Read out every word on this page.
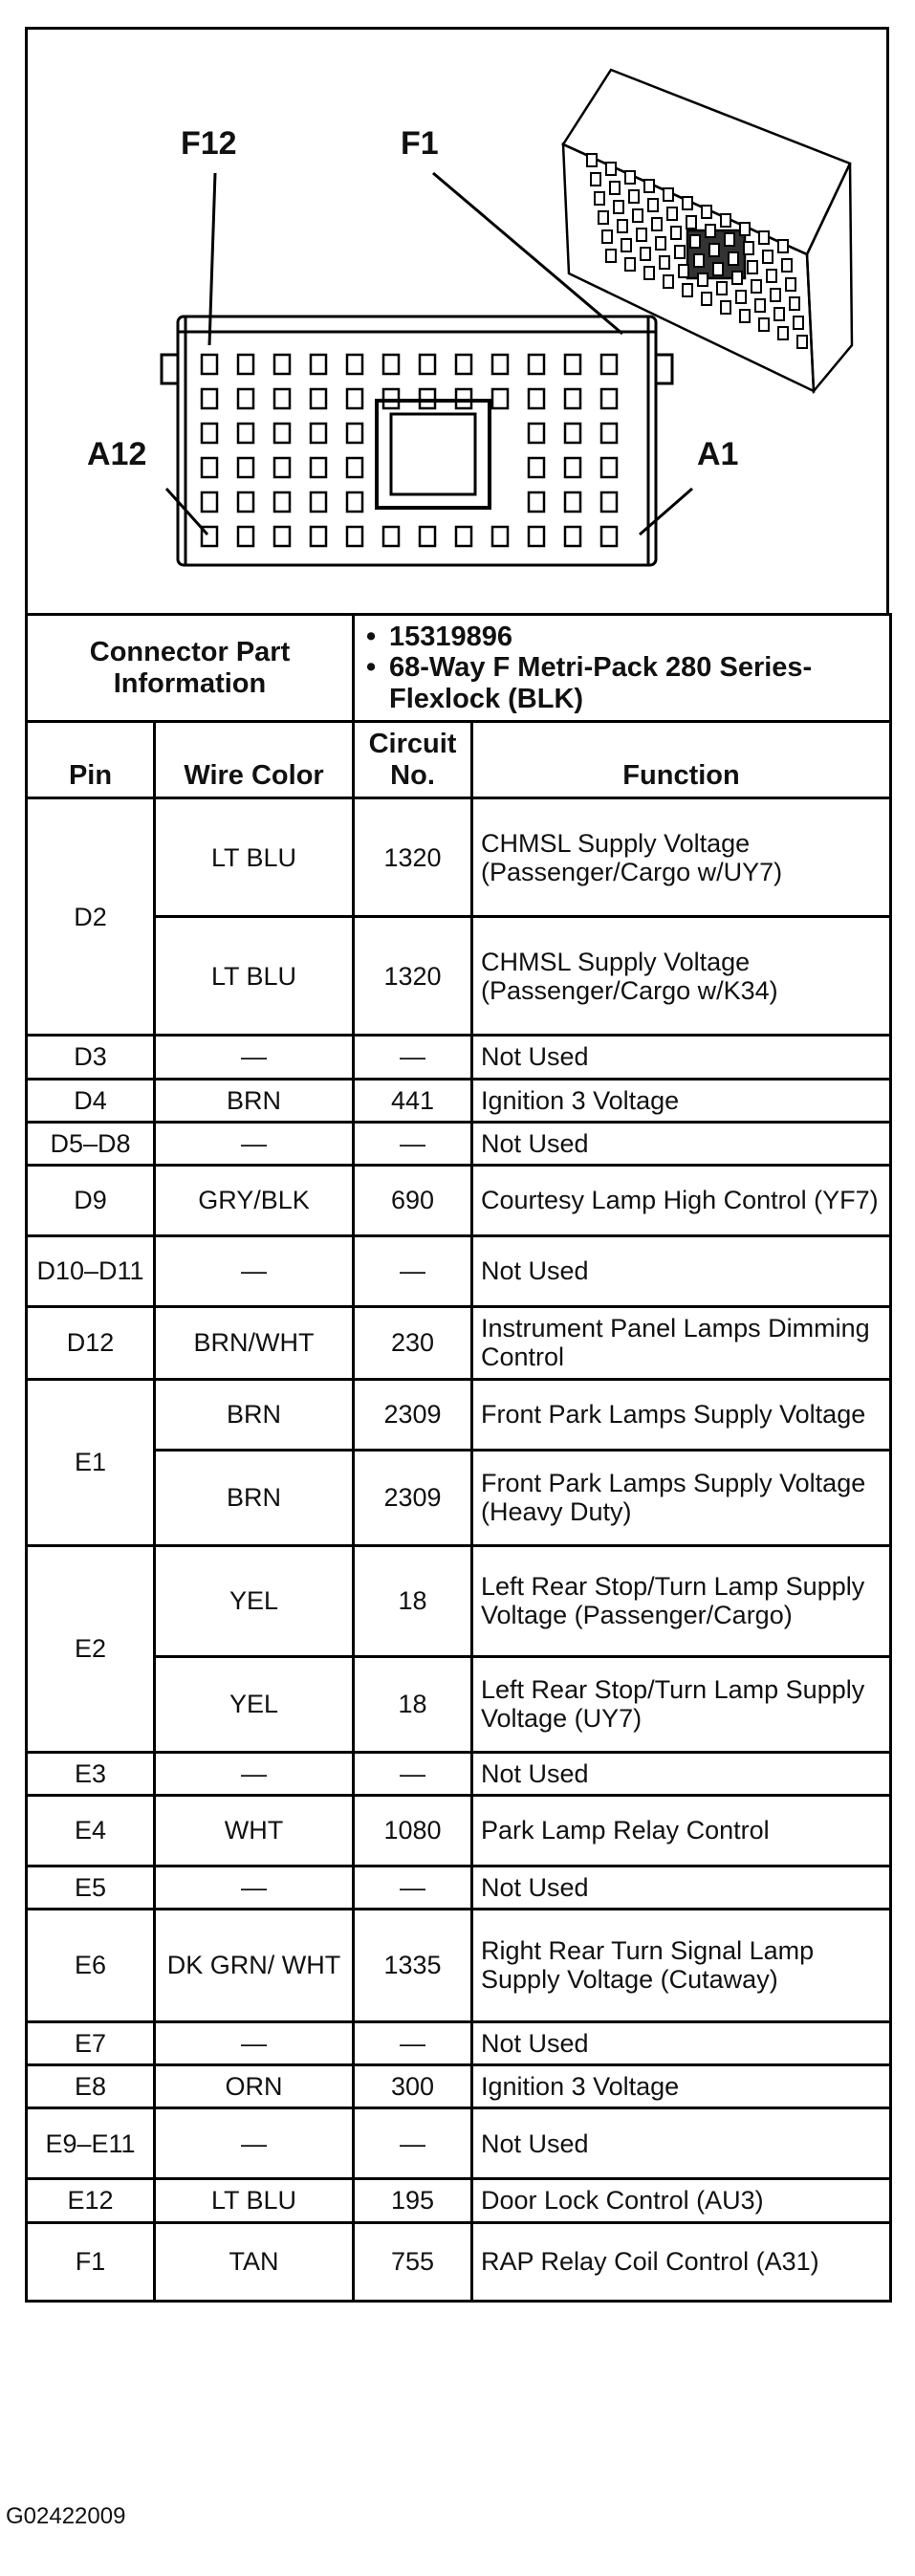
F12	F1
A12	A1
Connector Part Information		• 15319896
• 68-Way F Metri-Pack 280 Series- Flexlock (BLK)	

Pin	Wire Color	Circuit No.	Function
D2	LT BLU	1320	CHMSL Supply Voltage (Passenger/Cargo w/UY7)
	LT BLU	1320	CHMSL Supply Voltage (Passenger/Cargo w/K34)
D3	—	—	Not Used
D4	BRN	441	Ignition 3 Voltage
D5–D8	—	—	Not Used
D9	GRY/BLK	690	Courtesy Lamp High Control (YF7)
D10–D11	—	—	Not Used
D12	BRN/WHT	230	Instrument Panel Lamps Dimming Control
E1	BRN	2309	Front Park Lamps Supply Voltage
	BRN	2309	Front Park Lamps Supply Voltage (Heavy Duty)
E2	YEL	18	Left Rear Stop/Turn Lamp Supply Voltage (Passenger/Cargo)
	YEL	18	Left Rear Stop/Turn Lamp Supply Voltage (UY7)
E3	—	—	Not Used
E4	WHT	1080	Park Lamp Relay Control
E5	—	—	Not Used
E6	DK GRN/ WHT	1335	Right Rear Turn Signal Lamp Supply Voltage (Cutaway)
E7	—	—	Not Used
E8	ORN	300	Ignition 3 Voltage
E9–E11	—	—	Not Used
E12	LT BLU	195	Door Lock Control (AU3)
F1	TAN	755	RAP Relay Coil Control (A31)
G02422009
